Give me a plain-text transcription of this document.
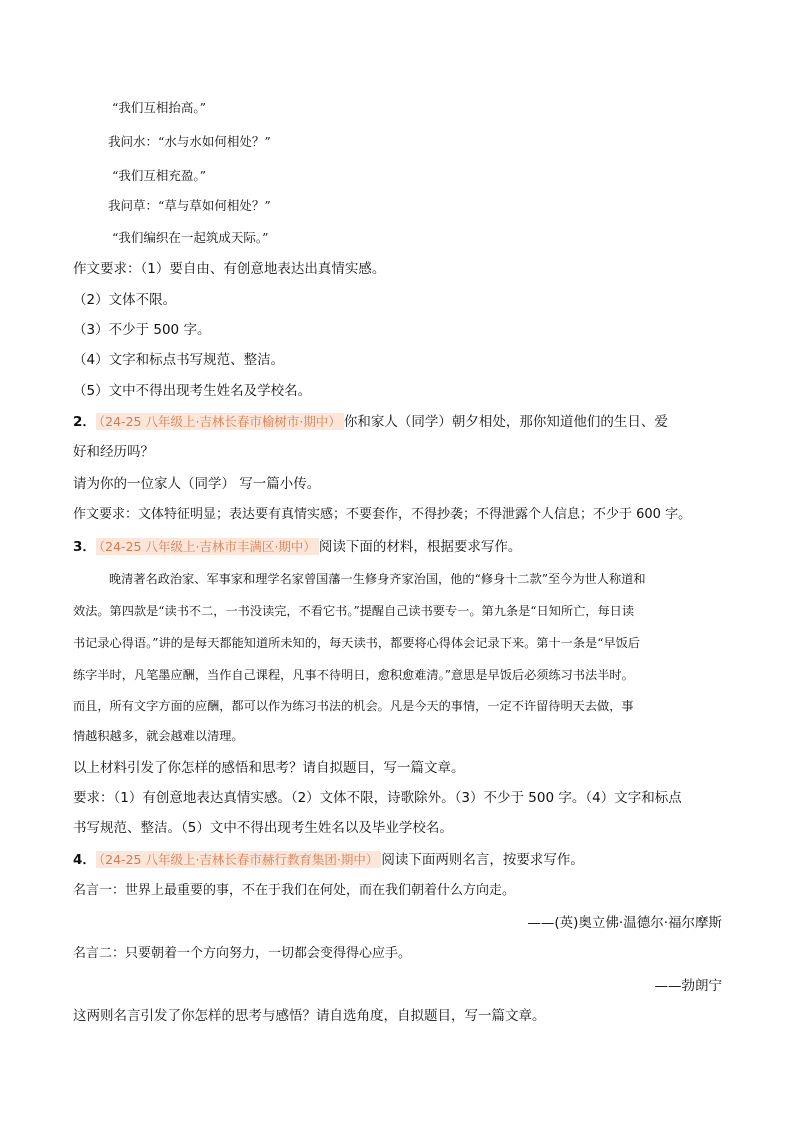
“我们互相抬高。”
我问水：“水与水如何相处？”
“我们互相充盈。”
我问草：“草与草如何相处？”
“我们编织在一起筑成天际。”
作文要求：（1）要自由、有创意地表达出真情实感。
（2）文体不限。
（3）不少于 500 字。
（4）文字和标点书写规范、整洁。
（5）文中不得出现考生姓名及学校名。
2． （24-25 八年级上·吉林长春市榆树市·期中） 你和家人（同学）朝夕相处，那你知道他们的生日、爱
好和经历吗？
请为你的一位家人（同学） 写一篇小传。
作文要求：文体特征明显；表达要有真情实感；不要套作，不得抄袭；不得泄露个人信息；不少于 600 字。
3． （24-25 八年级上·吉林市丰满区·期中） 阅读下面的材料，根据要求写作。
晚清著名政治家、军事家和理学名家曾国藩一生修身齐家治国，他的“修身十二款”至今为世人称道和
效法。第四款是“读书不二，一书没读完，不看它书。”提醒自己读书要专一。第九条是“日知所亡，每日读
书记录心得语。”讲的是每天都能知道所未知的，每天读书，都要将心得体会记录下来。第十一条是“早饭后
练字半时，凡笔墨应酬，当作自己课程，凡事不待明日，愈积愈难清。”意思是早饭后必须练习书法半时。
而且，所有文字方面的应酬，都可以作为练习书法的机会。凡是今天的事情，一定不许留待明天去做，事
情越积越多，就会越难以清理。
以上材料引发了你怎样的感悟和思考？请自拟题目，写一篇文章。
要求：（1）有创意地表达真情实感。（2）文体不限，诗歌除外。（3）不少于 500 字。（4）文字和标点
书写规范、整洁。（5）文中不得出现考生姓名以及毕业学校名。
4． （24-25 八年级上·吉林长春市赫行教育集团·期中） 阅读下面两则名言，按要求写作。
名言一：世界上最重要的事，不在于我们在何处，而在我们朝着什么方向走。
——(英)奥立佛·温德尔·福尔摩斯
名言二：只要朝着一个方向努力，一切都会变得得心应手。
——勃朗宁
这两则名言引发了你怎样的思考与感悟？请自选角度，自拟题目，写一篇文章。
